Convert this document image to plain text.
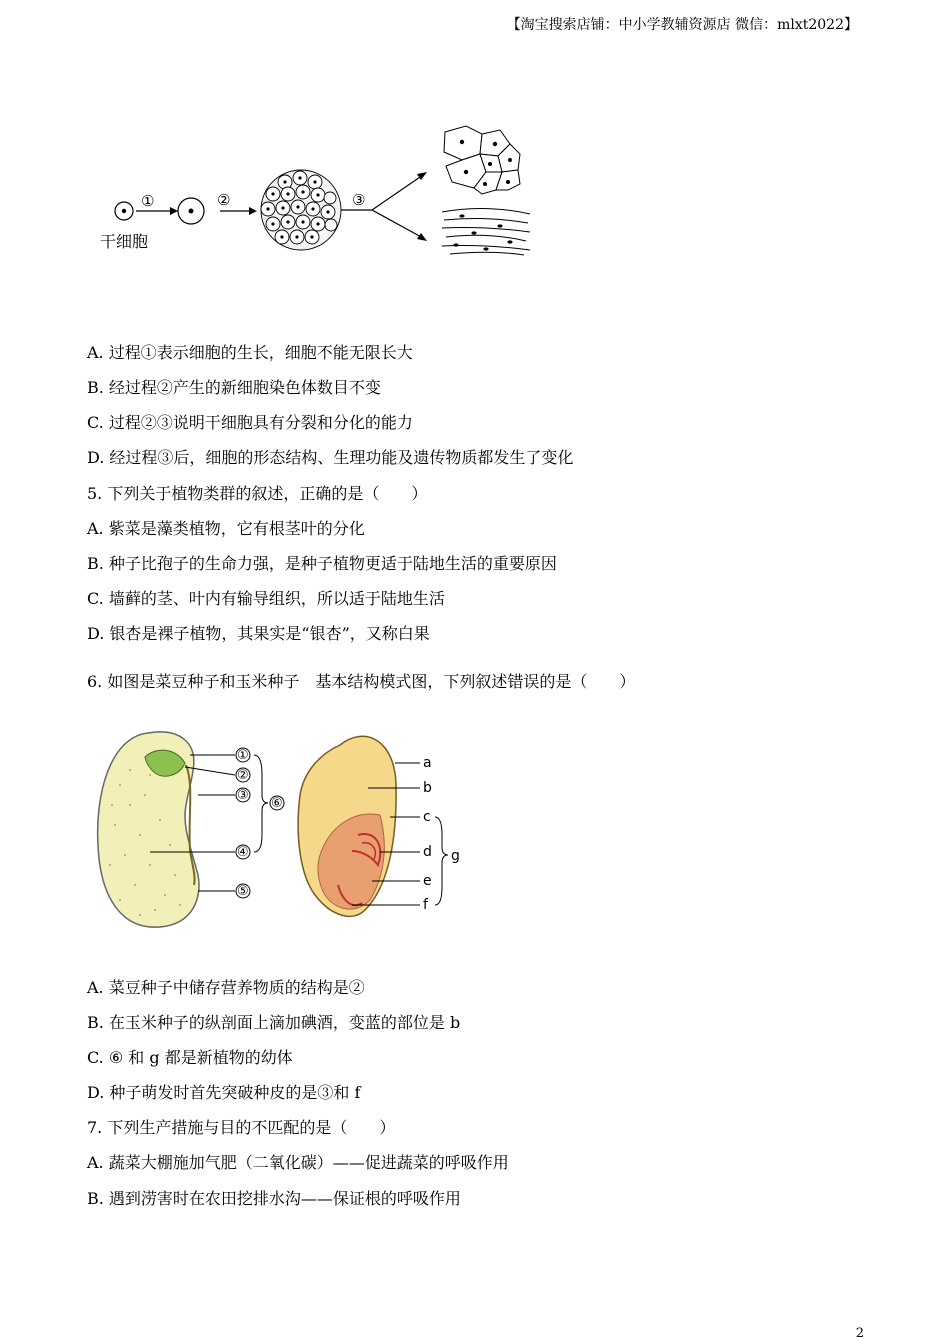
【淘宝搜索店铺：中小学教辅资源店 微信：mlxt2022】
①	②	③
干细胞
A. 过程①表示细胞的生长，细胞不能无限长大
B. 经过程②产生的新细胞染色体数目不变
C. 过程②③说明干细胞具有分裂和分化的能力
D. 经过程③后，细胞的形态结构、生理功能及遗传物质都发生了变化
5. 下列关于植物类群的叙述，正确的是（　　）
A. 紫菜是藻类植物，它有根茎叶的分化
B. 种子比孢子的生命力强，是种子植物更适于陆地生活的重要原因
C. 墙藓的茎、叶内有输导组织，所以适于陆地生活
D. 银杏是裸子植物，其果实是“银杏”，又称白果
6. 如图是菜豆种子和玉米种子　基本结构模式图，下列叙述错误的是（　　）
①
②
③
④
⑤
⑥
a
b
c
d
e
f
g
A. 菜豆种子中储存营养物质的结构是②
B. 在玉米种子的纵剖面上滴加碘酒，变蓝的部位是 b
C. ⑥ 和 g 都是新植物的幼体
D. 种子萌发时首先突破种皮的是③和 f
7. 下列生产措施与目的不匹配的是（　　）
A. 蔬菜大棚施加气肥（二氧化碳）——促进蔬菜的呼吸作用
B. 遇到涝害时在农田挖排水沟——保证根的呼吸作用
2
